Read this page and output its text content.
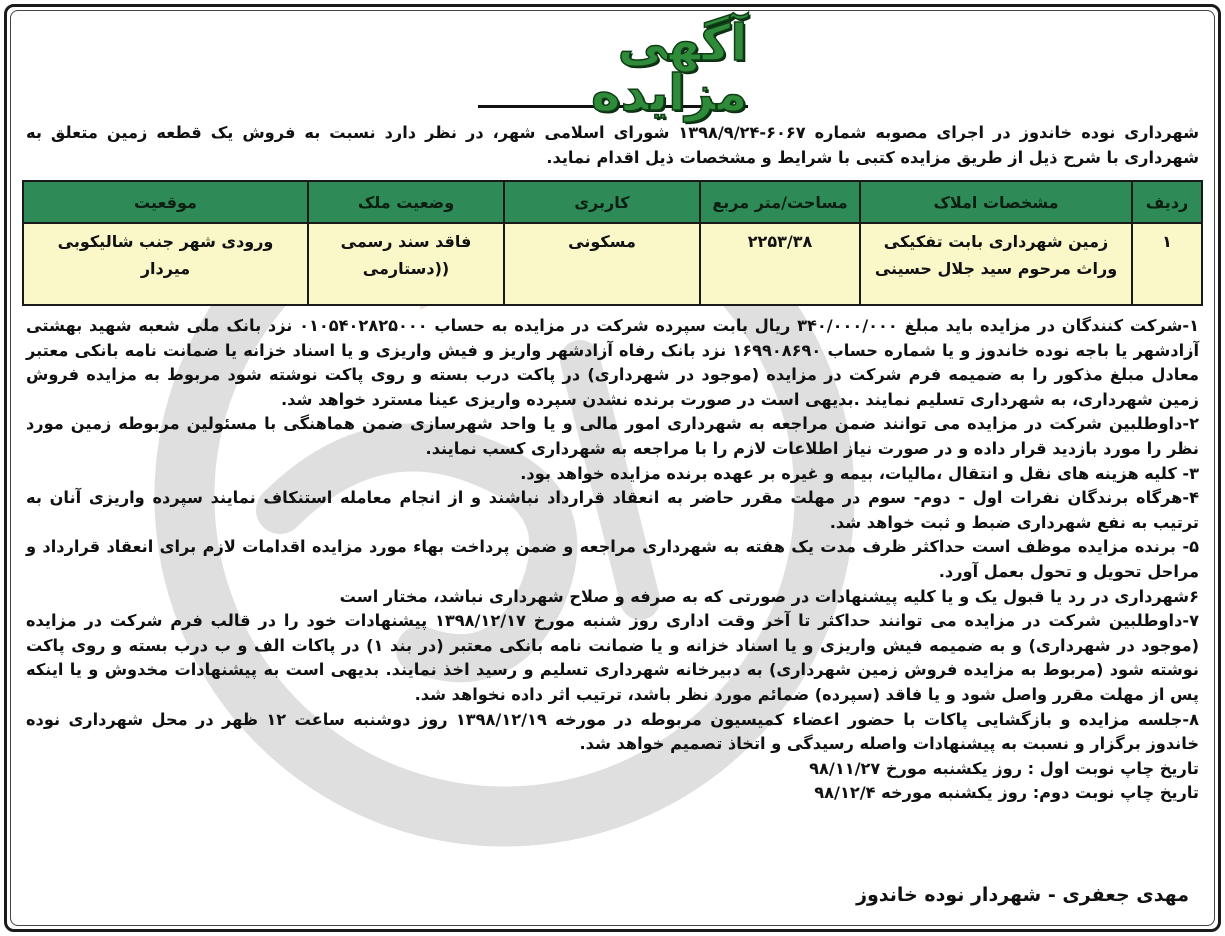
آگهی مزایده
شهرداری نوده خاندوز در اجرای مصوبه شماره ۶۰۶۷-۱۳۹۸/۹/۲۴ شورای اسلامی شهر، در نظر دارد نسبت به فروش یک قطعه زمین متعلق به شهرداری با شرح ذیل از طریق مزایده کتبی با شرایط و مشخصات ذیل اقدام نماید.
ردیف	مشخصات املاک	مساحت/متر مربع	کاربری	وضعیت ملک	موقعیت
۱	زمین شهرداری بابت تفکیکی وراث مرحوم سید جلال حسینی	۲۲۵۳/۳۸	مسکونی	فاقد سند رسمی ((دستارمی	ورودی شهر جنب شالیکوبی میردار

۱-شرکت کنندگان در مزایده باید مبلغ ۳۴۰/۰۰۰/۰۰۰ ریال بابت سپرده شرکت در مزایده به حساب ۰۱۰۵۴۰۲۸۲۵۰۰۰ نزد بانک ملی شعبه شهید بهشتی آزادشهر یا باجه نوده خاندوز و یا شماره حساب ۱۶۹۹۰۸۶۹۰ نزد بانک رفاه آزادشهر واریز و فیش واریزی و یا اسناد خزانه یا ضمانت نامه بانکی معتبر معادل مبلغ مذکور را به ضمیمه فرم شرکت در مزایده (موجود در شهرداری) در پاکت درب بسته و روی پاکت نوشته شود مربوط به مزایده فروش زمین شهرداری، به شهرداری تسلیم نمایند .بدیهی است در صورت برنده نشدن سپرده واریزی عینا مسترد خواهد شد.

۲-داوطلبین شرکت در مزایده می توانند ضمن مراجعه به شهرداری امور مالی و یا واحد شهرسازی ضمن هماهنگی با مسئولین مربوطه زمین مورد نظر را مورد بازدید قرار داده و در صورت نیاز اطلاعات لازم را با مراجعه به شهرداری کسب نمایند.

۳- کلیه هزینه های نقل و انتقال ،مالیات، بیمه و غیره بر عهده برنده مزایده خواهد بود.

۴-هرگاه برندگان نفرات اول - دوم- سوم در مهلت مقرر حاضر به انعقاد قرارداد نباشند و از انجام معامله استنکاف نمایند سپرده واریزی آنان به ترتیب به نفع شهرداری ضبط و ثبت خواهد شد.

۵- برنده مزایده موظف است حداکثر ظرف مدت یک هفته به شهرداری مراجعه و ضمن پرداخت بهاء مورد مزایده اقدامات لازم برای انعقاد قرارداد و مراحل تحویل و تحول بعمل آورد.

۶شهرداری در رد یا قبول یک و یا کلیه پیشنهادات در صورتی که به صرفه و صلاح شهرداری نباشد، مختار است

۷-داوطلبین شرکت در مزایده می توانند حداکثر تا آخر وقت اداری روز شنبه مورخ ۱۳۹۸/۱۲/۱۷ پیشنهادات خود را در قالب فرم شرکت در مزایده (موجود در شهرداری) و به ضمیمه فیش واریزی و یا اسناد خزانه و یا ضمانت نامه بانکی معتبر (در بند ۱) در پاکات الف و ب درب بسته و روی پاکت نوشته شود (مربوط به مزایده فروش زمین شهرداری) به دبیرخانه شهرداری تسلیم و رسید اخذ نمایند. بدیهی است به پیشنهادات مخدوش و یا اینکه پس از مهلت مقرر واصل شود و یا فاقد (سپرده) ضمائم مورد نظر باشد، ترتیب اثر داده نخواهد شد.

۸-جلسه مزایده و بازگشایی پاکات با حضور اعضاء کمیسیون مربوطه در مورخه ۱۳۹۸/۱۲/۱۹ روز دوشنبه ساعت ۱۲ ظهر در محل شهرداری نوده خاندوز برگزار و نسبت به پیشنهادات واصله رسیدگی و اتخاذ تصمیم خواهد شد.

تاریخ چاپ نوبت اول : روز یکشنبه مورخ ۹۸/۱۱/۲۷
تاریخ چاپ نوبت دوم: روز یکشنبه مورخه ۹۸/۱۲/۴
مهدی جعفری - شهردار نوده خاندوز
